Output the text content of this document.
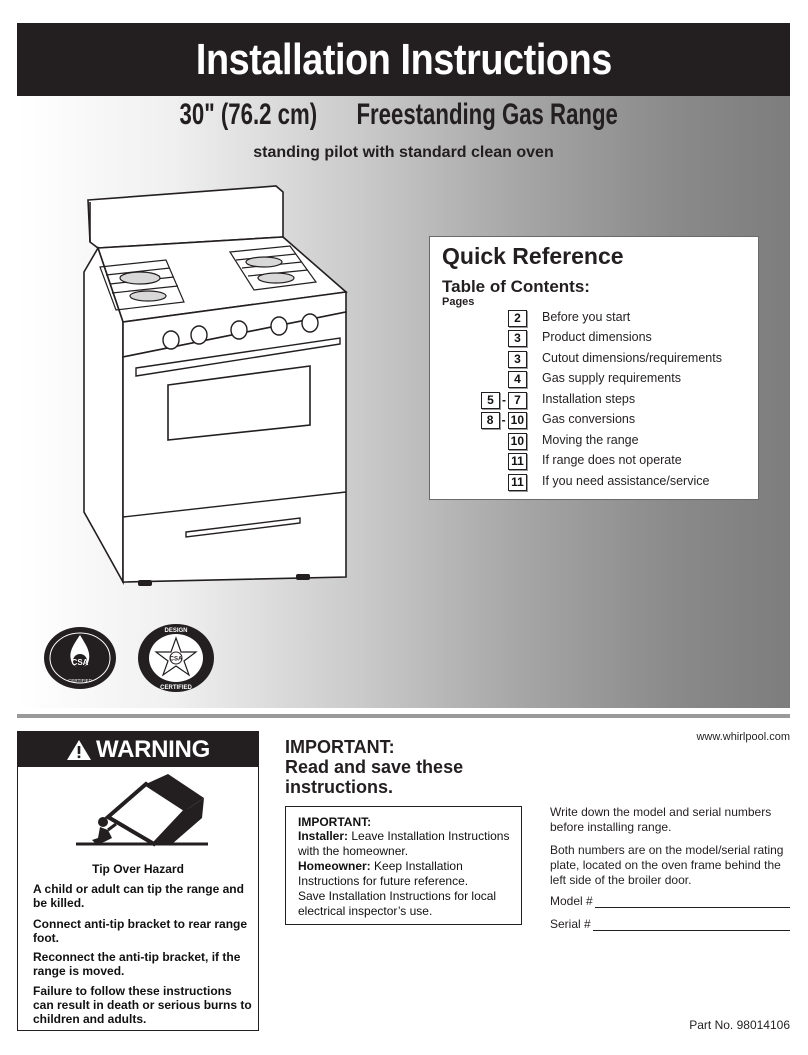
Installation Instructions
30" (76.2 cm) Freestanding Gas Range
standing pilot with standard clean oven
Quick Reference
Table of Contents:
Pages
2	Before you start
3	Product dimensions
3	Cutout dimensions/requirements
4	Gas supply requirements
5 - 7	Installation steps
8 - 10 Gas conversions
10 Moving the range
11 If range does not operate
11 If you need assistance/service
CSA
CERTIFIED
CSA
DESIGN
CERTIFIED
WARNING
Tip Over Hazard
A child or adult can tip the range and be killed.
Connect anti-tip bracket to rear range foot.
Reconnect the anti-tip bracket, if the range is moved.
Failure to follow these instructions can result in death or serious burns to children and adults.
IMPORTANT:
Read and save these
instructions.
IMPORTANT:
Installer: Leave Installation Instructions with the homeowner.
Homeowner: Keep Installation Instructions for future reference.
Save Installation Instructions for local electrical inspector’s use.
www.whirlpool.com
Write down the model and serial numbers before installing range.
Both numbers are on the model/serial rating plate, located on the oven frame behind the left side of the broiler door.
Model #
Serial #
Part No. 98014106
